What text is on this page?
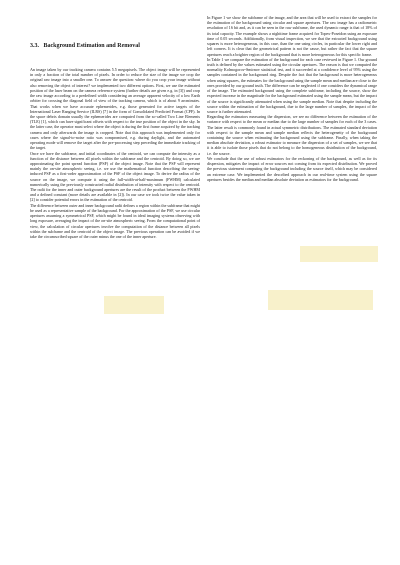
3.3. Background Estimation and Removal

An image taken by our tracking camera contains 5.5 megapixels. The object image will be represented in only a fraction of the total number of pixels. In order to reduce the size of the image we crop the original raw image into a smaller one. To answer the question: where do you crop your image without also removing the object of interest? we implemented two different options. First, we use the estimated position of the laser beam on the camera reference system (further details are given e.g. in [3]) and crop the raw image according to a predefined width considering an average apparent velocity of a low Earth orbiter for crossing the diagonal field of view of the tracking camera, which is of about 9 arcminutes. That works when we have accurate ephemerides, e.g. those generated for active targets of the International Laser Ranging Service (ILRS) [7] in the form of Consolidated Predicted Format (CPF). In the space debris domain usually the ephemerides are computed from the so-called Two Line Elements (TLE) [1], which can have significant offsets with respect to the true position of the object in the sky. In the latter case, the operator must select where the object is during the first frame acquired by the tracking camera and only afterwards the image is cropped. Note that this approach was implemented only for cases where the signal-to-noise ratio was compromised, e.g. during daylight, and the automated operating mode will remove the target after the pre-processing step preceding the immediate tracking of the target.

Once we have the subframe, and initial coordinates of the centroid, we can compute the intensity as a function of the distance between all pixels within the subframe and the centroid. By doing so, we are approximating the point spread function (PSF) of the object image. Note that the PSF will represent mainly the on-site atmospheric seeing, i.e. we use the mathematical function describing the seeing-induced PSF as a first-order approximation of the PSF of the object image. To derive the radius of the source on the image, we compute it using the full-width-at-half-maximum (FWHM) calculated numerically using the previously constructed radial distribution of intensity with respect to the centroid. The radii for the inner and outer background apertures are the result of the product between the FWHM and a defined constant (more details are available in [2]). In our case we took twice the value taken in [2] to consider potential errors in the estimation of the centroid.

The difference between outer and inner background radii defines a region within the subframe that might be used as a representative sample of the background. For the approximation of the PSF, we use circular apertures assuming a symmetrical PSF, which might be found in ideal imaging systems observing with long exposure, averaging the impact of the on-site atmospheric seeing. From the computational point of view, the calculation of circular apertures involve the computation of the distance between all pixels within the subframe and the centroid of the object image. The previous operation can be avoided if we take the circumscribed square of the outer minus the one of the inner aperture.

In Figure 1 we show the subframe of the image, and the area that will be used to extract the samples for the estimation of the background using circular and square apertures. The raw image has a radiometric resolution of 16 bit and, as it can be seen in the raw subframe, the used dynamic range is that of 18% of its total capacity. The example shows a nighttime frame acquired for Topex-Poseidon using an exposure time of 0.05 seconds. Additionally, from visual inspection, we see that the extracted background using squares is more heterogeneous, in this case, than the one using circles, in particular the lower right and left corners. It is clear that the geometrical pattern is not the cause, but rather the fact that the square apertures reach a brighter region of the background that is more heterogeneous for this specific frame.

In Table 1 we compare the estimation of the background for each case reviewed in Figure 1. Our ground truth is defined by the values estimated using the circular apertures. The reason is that we computed the normality Kolmogorov-Smirnov statistical test, and it succeeded at a confidence level of 95% using the samples contained in the background ring. Despite the fact that the background is more heterogeneous when using squares, the estimates for the background using the sample mean and median are close to the ones provided by our ground truth. The difference can be neglected if one considers the dynamical range of the image. The estimated background using the complete subframe, including the source, show the expected increase in the magnitude for the background estimated using the sample mean, but the impact of the source is significantly attenuated when using the sample median. Note that despite including the source within the estimation of the background, due to the large number of samples, the impact of the source is further attenuated.

Regarding the estimators measuring the dispersion, we see no difference between the estimation of the variance with respect to the mean or median due to the large number of samples for each of the 3 cases. The latter result is commonly found in actual symmetric distributions. The estimated standard deviation with respect to the sample mean and sample median reflects the heterogeneity of the background containing the source when estimating the background using the subframe. Finally, when taking the median absolute deviation, a robust estimator to measure the dispersion of a set of samples, we see that it is able to isolate those pixels that do not belong to the homogeneous distribution of the background, i.e. the source.

We conclude that the use of robust estimators for the reckoning of the background, as well as for its dispersion, mitigates the impact of error sources not coming from its expected distribution. We proved the previous statement computing the background including the source itself, which may be considered an extreme case. We implemented the described approach in our real-time system using the square apertures besides the median and median absolute deviation as estimators for the background.
